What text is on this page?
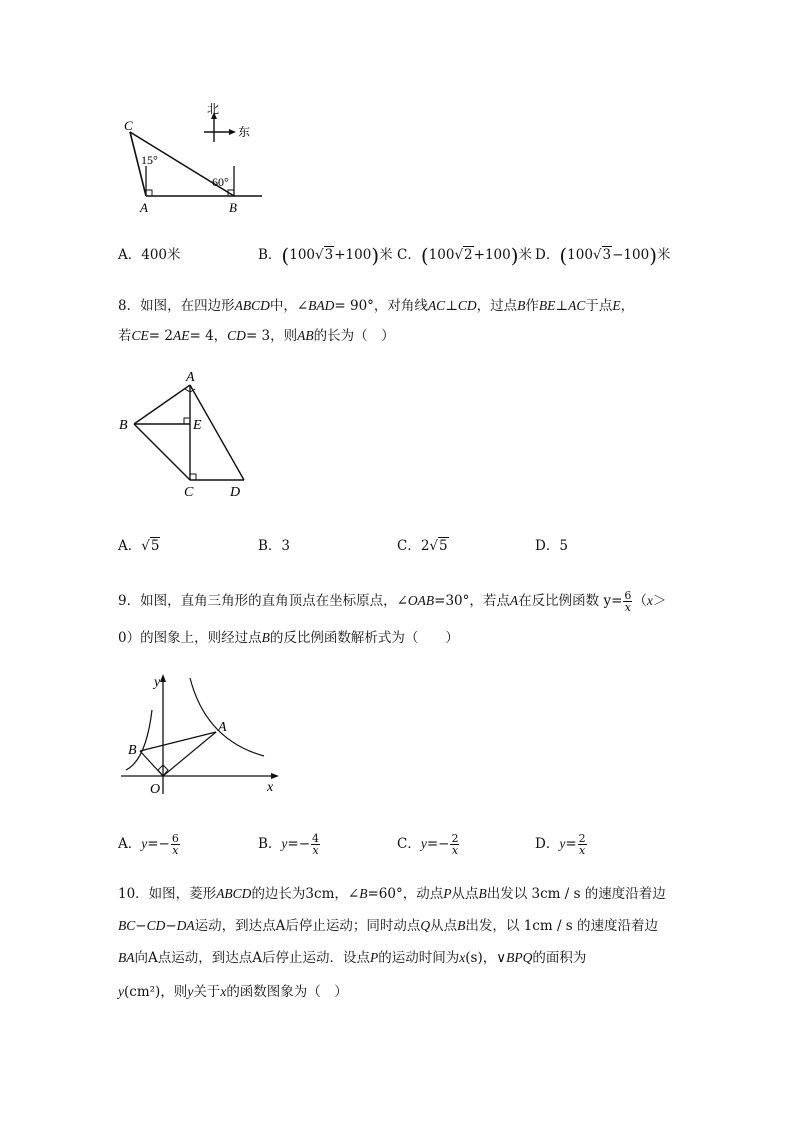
北
东
C
A	B
15°
60°
A．400米	B．(100√3+100)米 C．(100√2+100)米 D．(100√3−100)米
8．如图，在四边形ABCD中，∠BAD= 90°，对角线AC⊥CD，过点B作BE⊥AC于点E，
若CE= 2AE= 4，CD= 3，则AB的长为（　）
A
B	E
C	D
A．√5	B．3	C．2√5	D．5
9．如图，直角三角形的直角顶点在坐标原点，∠OAB=30°，若点A在反比例函数 $y= \frac{6}{x} (x>$
0）的图象上，则经过点B的反比例函数解析式为（　　）
y
x
O
A
B
A．$y=- \frac{6}{x}$	B．$y=- \frac{4}{x}$	C．$y=- \frac{2}{x}$	D．$y= \frac{2}{x}$
10．如图，菱形ABCD的边长为3cm，∠B=60°，动点P从点B出发以 3cm / s 的速度沿着边
BC−CD−DA运动，到达点A后停止运动；同时动点Q从点B出发，以 1cm / s 的速度沿着边
BA向A点运动，到达点A后停止运动．设点P的运动时间为x(s)，∨BPQ的面积为
y(cm²)，则y关于x的函数图象为（　）
